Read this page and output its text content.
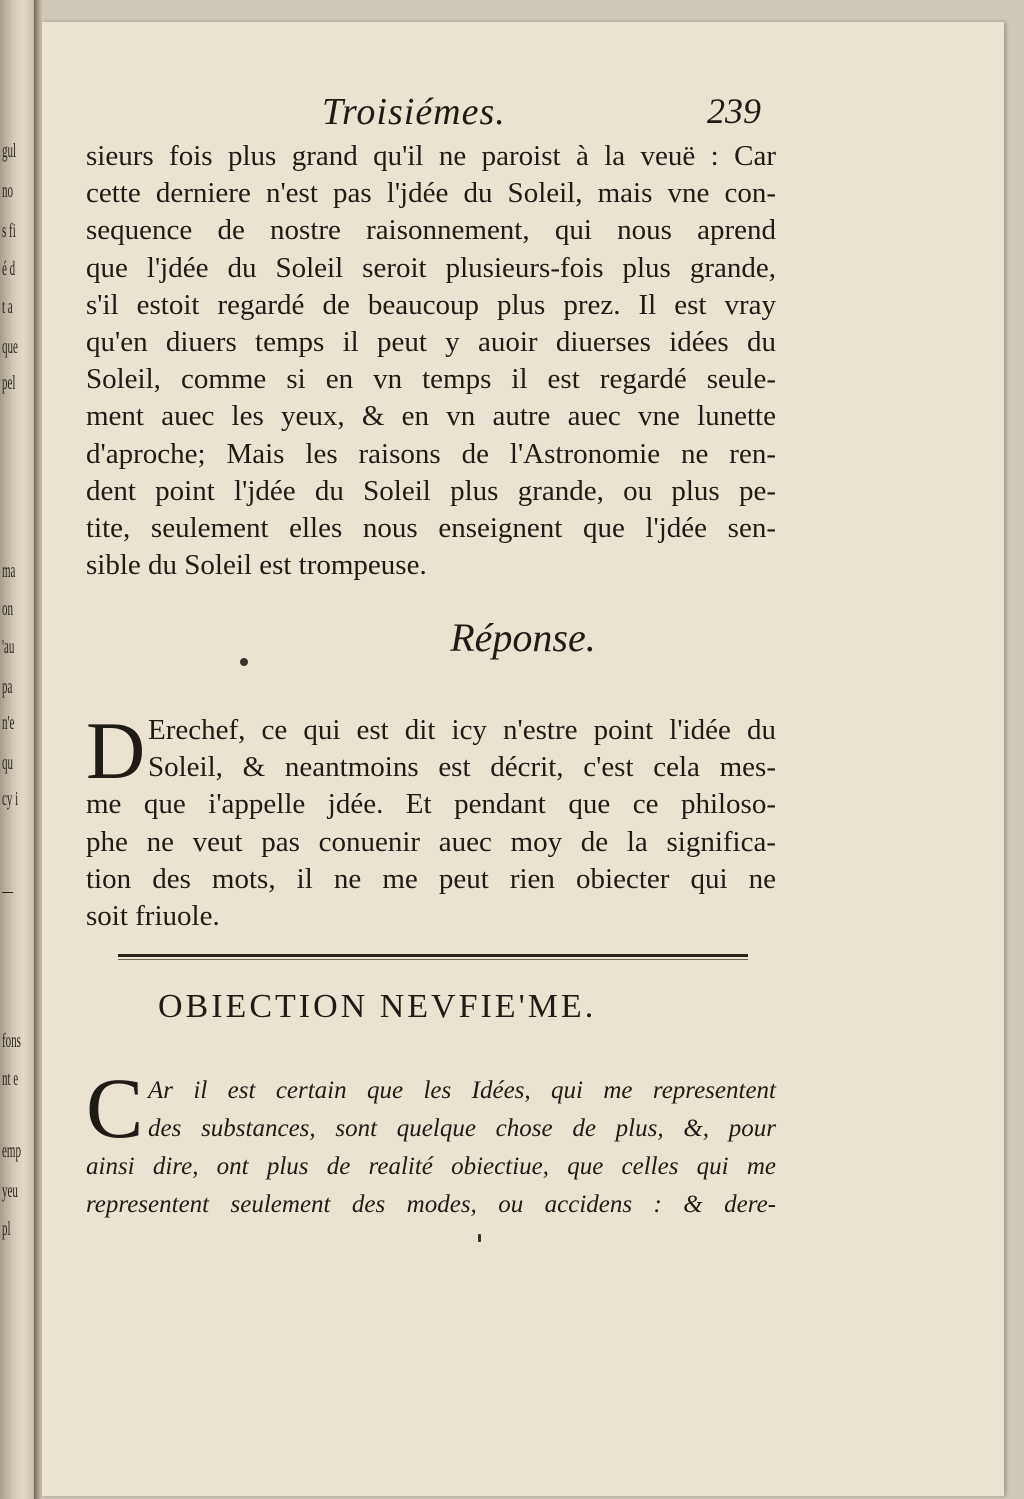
gul
no
s fi
é d
t a
que
pel
ma
on
'au
pa
n'e
qu
cy i
—
fons
nt e
emp
yeu
pl
Troisiémes.	239
sieurs fois plus grand qu'il ne paroist à la veuë : Car
cette derniere n'est pas l'jdée du Soleil, mais vne con-
sequence de nostre raisonnement, qui nous aprend
que l'jdée du Soleil seroit plusieurs-fois plus grande,
s'il estoit regardé de beaucoup plus prez. Il est vray
qu'en diuers temps il peut y auoir diuerses idées du
Soleil, comme si en vn temps il est regardé seule-
ment auec les yeux, & en vn autre auec vne lunette
d'aproche; Mais les raisons de l'Astronomie ne ren-
dent point l'jdée du Soleil plus grande, ou plus pe-
tite, seulement elles nous enseignent que l'jdée sen-
sible du Soleil est trompeuse.
Réponse.
D Erechef, ce qui est dit icy n'estre point l'idée du
Soleil, & neantmoins est décrit, c'est cela mes-
me que i'appelle jdée. Et pendant que ce philoso-
phe ne veut pas conuenir auec moy de la significa-
tion des mots, il ne me peut rien obiecter qui ne
soit friuole.
OBIECTION NEVFIE'ME.
C Ar il est certain que les Idées, qui me representent
des substances, sont quelque chose de plus, &, pour
ainsi dire, ont plus de realité obiectiue, que celles qui me
representent seulement des modes, ou accidens : & dere-
